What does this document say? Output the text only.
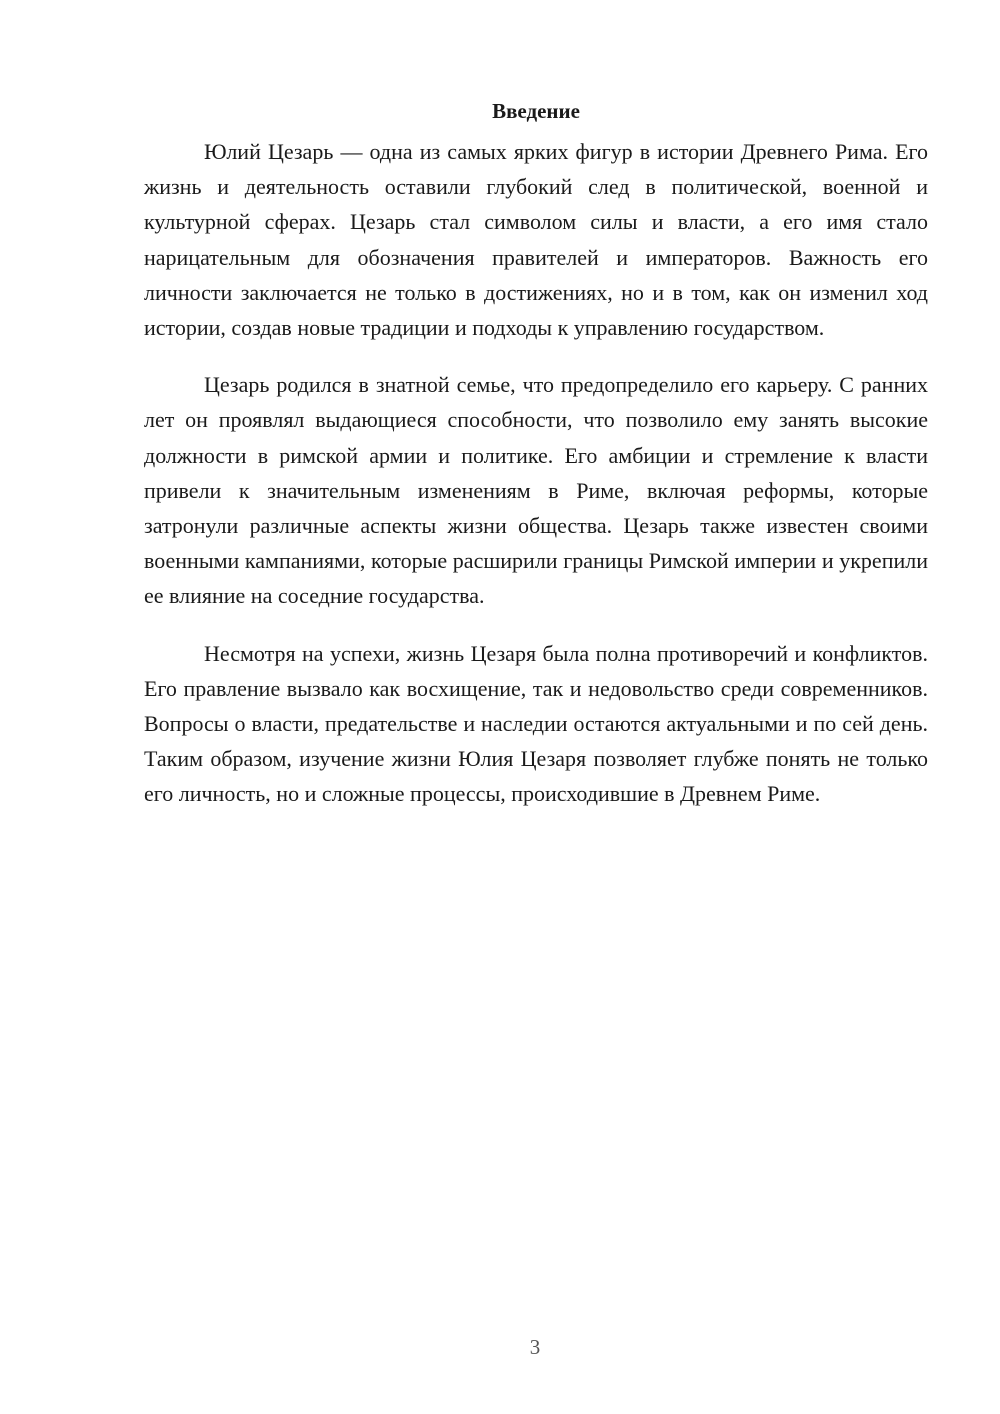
Введение

Юлий Цезарь — одна из самых ярких фигур в истории Древнего Рима. Его жизнь и деятельность оставили глубокий след в политической, военной и культурной сферах. Цезарь стал символом силы и власти, а его имя стало нарицательным для обозначения правителей и императоров. Важность его личности заключается не только в достижениях, но и в том, как он изменил ход истории, создав новые традиции и подходы к управлению государством.

Цезарь родился в знатной семье, что предопределило его карьеру. С ранних лет он проявлял выдающиеся способности, что позволило ему занять высокие должности в римской армии и политике. Его амбиции и стремление к власти привели к значительным изменениям в Риме, включая реформы, которые затронули различные аспекты жизни общества. Цезарь также известен своими военными кампаниями, которые расширили границы Римской империи и укрепили ее влияние на соседние государства.

Несмотря на успехи, жизнь Цезаря была полна противоречий и конфликтов. Его правление вызвало как восхищение, так и недовольство среди современников. Вопросы о власти, предательстве и наследии остаются актуальными и по сей день. Таким образом, изучение жизни Юлия Цезаря позволяет глубже понять не только его личность, но и сложные процессы, происходившие в Древнем Риме.

3
